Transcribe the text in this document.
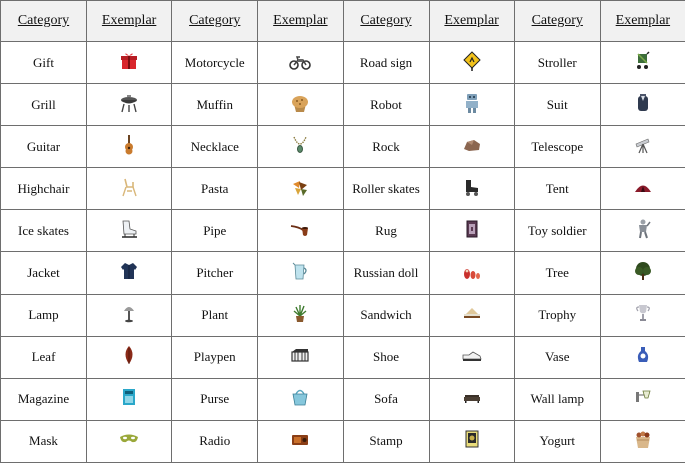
Category	Exemplar	Category	Exemplar	Category	Exemplar	Category	Exemplar
Gift		Motorcycle		Road sign		Stroller	
Grill		Muffin		Robot		Suit	
Guitar		Necklace		Rock		Telescope	
Highchair		Pasta		Roller skates		Tent	
Ice skates		Pipe		Rug		Toy soldier	
Jacket		Pitcher		Russian doll		Tree	
Lamp		Plant		Sandwich		Trophy	
Leaf		Playpen		Shoe		Vase	
Magazine		Purse		Sofa		Wall lamp	
Mask		Radio		Stamp		Yogurt	
